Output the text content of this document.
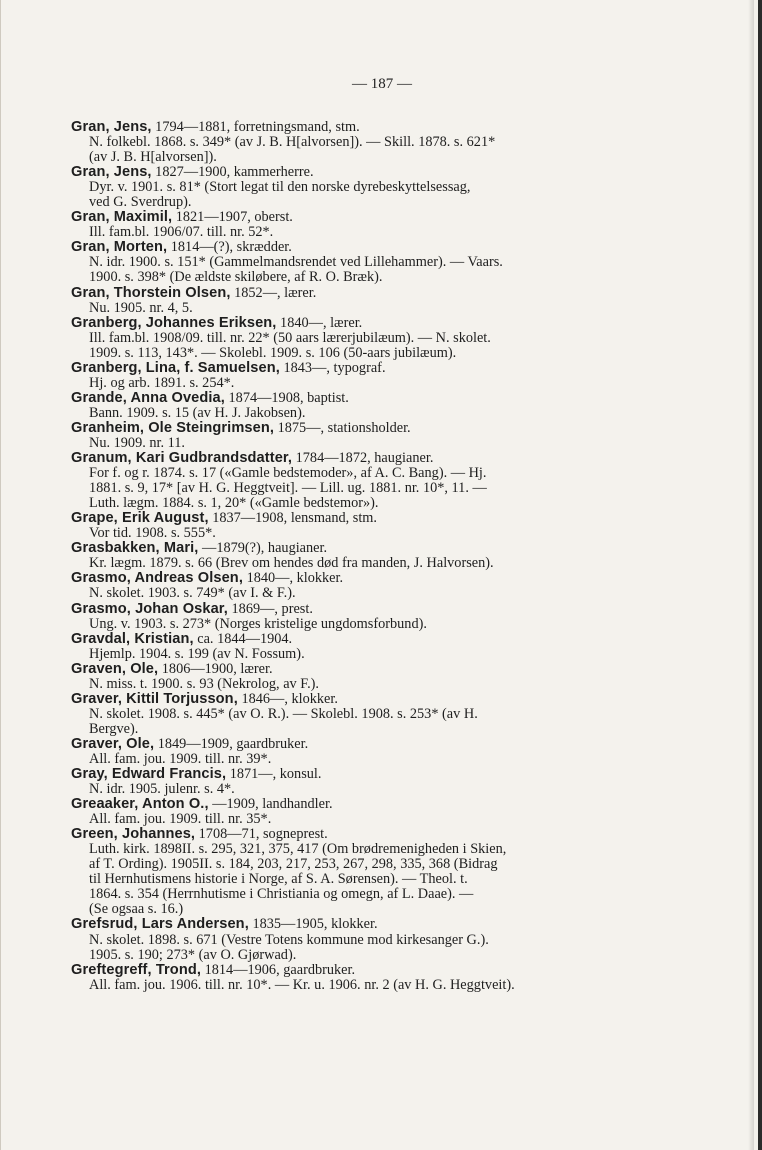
— 187 —
Gran, Jens, 1794—1881, forretningsmand, stm.
N. folkebl. 1868. s. 349* (av J. B. H[alvorsen]). — Skill. 1878. s. 621*
(av J. B. H[alvorsen]).
Gran, Jens, 1827—1900, kammerherre.
Dyr. v. 1901. s. 81* (Stort legat til den norske dyrebeskyttelsessag,
ved G. Sverdrup).
Gran, Maximil, 1821—1907, oberst.
Ill. fam.bl. 1906/07. till. nr. 52*.
Gran, Morten, 1814—(?), skrædder.
N. idr. 1900. s. 151* (Gammelmandsrendet ved Lillehammer). — Vaars.
1900. s. 398* (De ældste skiløbere, af R. O. Bræk).
Gran, Thorstein Olsen, 1852—, lærer.
Nu. 1905. nr. 4, 5.
Granberg, Johannes Eriksen, 1840—, lærer.
Ill. fam.bl. 1908/09. till. nr. 22* (50 aars lærerjubilæum). — N. skolet.
1909. s. 113, 143*. — Skolebl. 1909. s. 106 (50-aars jubilæum).
Granberg, Lina, f. Samuelsen, 1843—, typograf.
Hj. og arb. 1891. s. 254*.
Grande, Anna Ovedia, 1874—1908, baptist.
Bann. 1909. s. 15 (av H. J. Jakobsen).
Granheim, Ole Steingrimsen, 1875—, stationsholder.
Nu. 1909. nr. 11.
Granum, Kari Gudbrandsdatter, 1784—1872, haugianer.
For f. og r. 1874. s. 17 («Gamle bedstemoder», af A. C. Bang). — Hj.
1881. s. 9, 17* [av H. G. Heggtveit]. — Lill. ug. 1881. nr. 10*, 11. —
Luth. lægm. 1884. s. 1, 20* («Gamle bedstemor»).
Grape, Erik August, 1837—1908, lensmand, stm.
Vor tid. 1908. s. 555*.
Grasbakken, Mari, —1879(?), haugianer.
Kr. lægm. 1879. s. 66 (Brev om hendes død fra manden, J. Halvorsen).
Grasmo, Andreas Olsen, 1840—, klokker.
N. skolet. 1903. s. 749* (av I. & F.).
Grasmo, Johan Oskar, 1869—, prest.
Ung. v. 1903. s. 273* (Norges kristelige ungdomsforbund).
Gravdal, Kristian, ca. 1844—1904.
Hjemlp. 1904. s. 199 (av N. Fossum).
Graven, Ole, 1806—1900, lærer.
N. miss. t. 1900. s. 93 (Nekrolog, av F.).
Graver, Kittil Torjusson, 1846—, klokker.
N. skolet. 1908. s. 445* (av O. R.). — Skolebl. 1908. s. 253* (av H.
Bergve).
Graver, Ole, 1849—1909, gaardbruker.
All. fam. jou. 1909. till. nr. 39*.
Gray, Edward Francis, 1871—, konsul.
N. idr. 1905. julenr. s. 4*.
Greaaker, Anton O., —1909, landhandler.
All. fam. jou. 1909. till. nr. 35*.
Green, Johannes, 1708—71, sogneprest.
Luth. kirk. 1898II. s. 295, 321, 375, 417 (Om brødremenigheden i Skien,
af T. Ording). 1905II. s. 184, 203, 217, 253, 267, 298, 335, 368 (Bidrag
til Hernhutismens historie i Norge, af S. A. Sørensen). — Theol. t.
1864. s. 354 (Herrnhutisme i Christiania og omegn, af L. Daae). —
(Se ogsaa s. 16.)
Grefsrud, Lars Andersen, 1835—1905, klokker.
N. skolet. 1898. s. 671 (Vestre Totens kommune mod kirkesanger G.).
1905. s. 190; 273* (av O. Gjørwad).
Greftegreff, Trond, 1814—1906, gaardbruker.
All. fam. jou. 1906. till. nr. 10*. — Kr. u. 1906. nr. 2 (av H. G. Heggtveit).
